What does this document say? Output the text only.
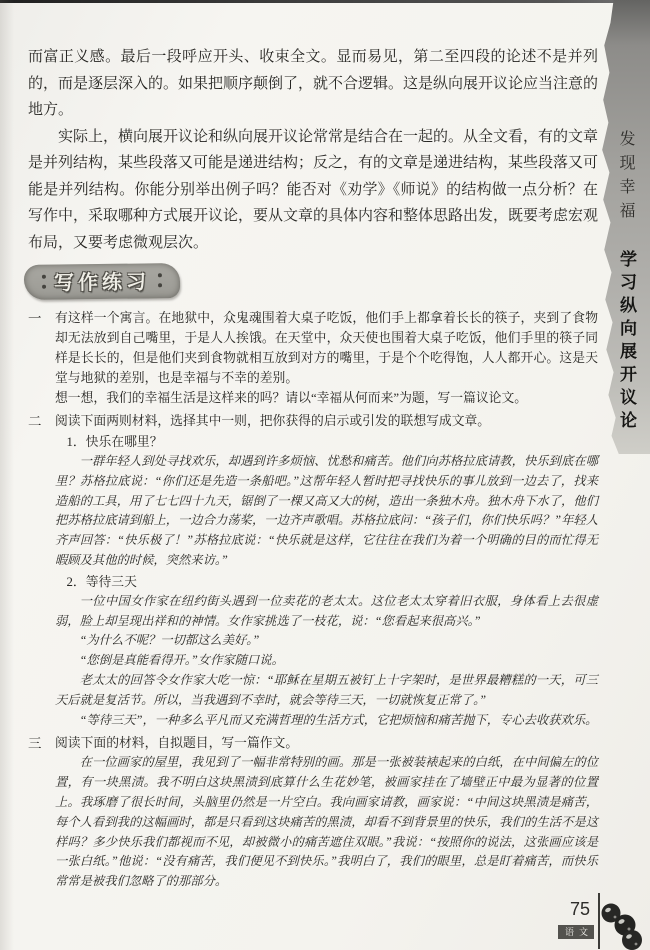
发现幸福
学习纵向展开议论

而富正义感。最后一段呼应开头、收束全文。显而易见，第二至四段的论述不是并列的，而是逐层深入的。如果把顺序颠倒了，就不合逻辑。这是纵向展开议论应当注意的地方。

实际上，横向展开议论和纵向展开议论常常是结合在一起的。从全文看，有的文章是并列结构，某些段落又可能是递进结构；反之，有的文章是递进结构，某些段落又可能是并列结构。你能分别举出例子吗？能否对《劝学》《师说》的结构做一点分析？在写作中，采取哪种方式展开议论，要从文章的具体内容和整体思路出发，既要考虑宏观布局，又要考虑微观层次。

写作练习
一	有这样一个寓言。在地狱中，众鬼魂围着大桌子吃饭，他们手上都拿着长长的筷子，夹到了食物却无法放到自己嘴里，于是人人挨饿。在天堂中，众天使也围着大桌子吃饭，他们手里的筷子同样是长长的，但是他们夹到食物就相互放到对方的嘴里，于是个个吃得饱，人人都开心。这是天堂与地狱的差别，也是幸福与不幸的差别。

想一想，我们的幸福生活是这样来的吗？请以“幸福从何而来”为题，写一篇议论文。

二	阅读下面两则材料，选择其中一则，把你获得的启示或引发的联想写成文章。

1．快乐在哪里？

一群年轻人到处寻找欢乐，却遇到许多烦恼、忧愁和痛苦。他们向苏格拉底请教，快乐到底在哪里？苏格拉底说：“你们还是先造一条船吧。”这帮年轻人暂时把寻找快乐的事儿放到一边去了，找来造船的工具，用了七七四十九天，锯倒了一棵又高又大的树，造出一条独木舟。独木舟下水了，他们把苏格拉底请到船上，一边合力荡桨，一边齐声歌唱。苏格拉底问：“孩子们，你们快乐吗？”年轻人齐声回答：“快乐极了！”苏格拉底说：“快乐就是这样，它往往在我们为着一个明确的目的而忙得无暇顾及其他的时候，突然来访。”

2．等待三天

一位中国女作家在纽约街头遇到一位卖花的老太太。这位老太太穿着旧衣服，身体看上去很虚弱，脸上却呈现出祥和的神情。女作家挑选了一枝花，说：“您看起来很高兴。”

“为什么不呢？一切都这么美好。”

“您倒是真能看得开。”女作家随口说。

老太太的回答令女作家大吃一惊：“耶稣在星期五被钉上十字架时，是世界最糟糕的一天，可三天后就是复活节。所以，当我遇到不幸时，就会等待三天，一切就恢复正常了。”

“等待三天”，一种多么平凡而又充满哲理的生活方式，它把烦恼和痛苦抛下，专心去收获欢乐。

三	阅读下面的材料，自拟题目，写一篇作文。

在一位画家的屋里，我见到了一幅非常特别的画。那是一张被装裱起来的白纸，在中间偏左的位置，有一块黑渍。我不明白这块黑渍到底算什么生花妙笔，被画家挂在了墙壁正中最为显著的位置上。我琢磨了很长时间，头脑里仍然是一片空白。我向画家请教，画家说：“中间这块黑渍是痛苦，每个人看到我的这幅画时，都是只看到这块痛苦的黑渍，却看不到背景里的快乐，我们的生活不是这样吗？多少快乐我们都视而不见，却被微小的痛苦遮住双眼。”我说：“按照你的说法，这张画应该是一张白纸。”他说：“没有痛苦，我们便见不到快乐。”我明白了，我们的眼里，总是盯着痛苦，而快乐常常是被我们忽略了的那部分。

75
语文
